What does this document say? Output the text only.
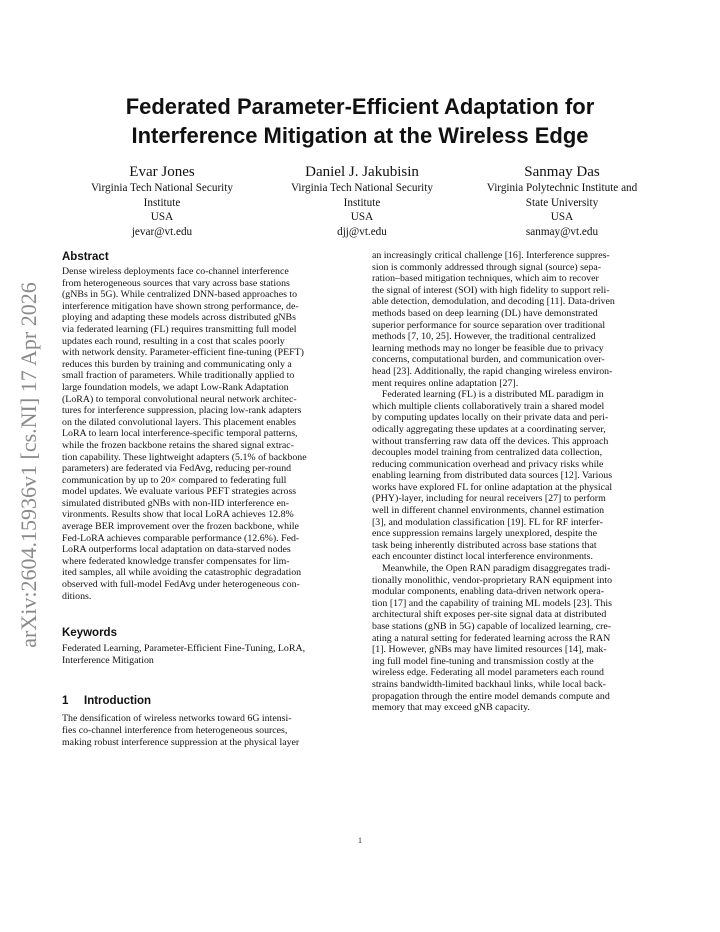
arXiv:2604.15936v1 [cs.NI] 17 Apr 2026
Federated Parameter-Efficient Adaptation for
Interference Mitigation at the Wireless Edge
Evar Jones
Virginia Tech National Security
Institute
USA
jevar@vt.edu
Daniel J. Jakubisin
Virginia Tech National Security
Institute
USA
djj@vt.edu
Sanmay Das
Virginia Polytechnic Institute and
State University
USA
sanmay@vt.edu
Abstract
Dense wireless deployments face co-channel interference
from heterogeneous sources that vary across base stations
(gNBs in 5G). While centralized DNN-based approaches to
interference mitigation have shown strong performance, de-
ploying and adapting these models across distributed gNBs
via federated learning (FL) requires transmitting full model
updates each round, resulting in a cost that scales poorly
with network density. Parameter-efficient fine-tuning (PEFT)
reduces this burden by training and communicating only a
small fraction of parameters. While traditionally applied to
large foundation models, we adapt Low-Rank Adaptation
(LoRA) to temporal convolutional neural network architec-
tures for interference suppression, placing low-rank adapters
on the dilated convolutional layers. This placement enables
LoRA to learn local interference-specific temporal patterns,
while the frozen backbone retains the shared signal extrac-
tion capability. These lightweight adapters (5.1% of backbone
parameters) are federated via FedAvg, reducing per-round
communication by up to 20× compared to federating full
model updates. We evaluate various PEFT strategies across
simulated distributed gNBs with non-IID interference en-
vironments. Results show that local LoRA achieves 12.8%
average BER improvement over the frozen backbone, while
Fed-LoRA achieves comparable performance (12.6%). Fed-
LoRA outperforms local adaptation on data-starved nodes
where federated knowledge transfer compensates for lim-
ited samples, all while avoiding the catastrophic degradation
observed with full-model FedAvg under heterogeneous con-
ditions.
Keywords
Federated Learning, Parameter-Efficient Fine-Tuning, LoRA,
Interference Mitigation
1 Introduction
The densification of wireless networks toward 6G intensi-
fies co-channel interference from heterogeneous sources,
making robust interference suppression at the physical layer
an increasingly critical challenge [16]. Interference suppres-
sion is commonly addressed through signal (source) sepa-
ration–based mitigation techniques, which aim to recover
the signal of interest (SOI) with high fidelity to support reli-
able detection, demodulation, and decoding [11]. Data-driven
methods based on deep learning (DL) have demonstrated
superior performance for source separation over traditional
methods [7, 10, 25]. However, the traditional centralized
learning methods may no longer be feasible due to privacy
concerns, computational burden, and communication over-
head [23]. Additionally, the rapid changing wireless environ-
ment requires online adaptation [27].
Federated learning (FL) is a distributed ML paradigm in
which multiple clients collaboratively train a shared model
by computing updates locally on their private data and peri-
odically aggregating these updates at a coordinating server,
without transferring raw data off the devices. This approach
decouples model training from centralized data collection,
reducing communication overhead and privacy risks while
enabling learning from distributed data sources [12]. Various
works have explored FL for online adaptation at the physical
(PHY)-layer, including for neural receivers [27] to perform
well in different channel environments, channel estimation
[3], and modulation classification [19]. FL for RF interfer-
ence suppression remains largely unexplored, despite the
task being inherently distributed across base stations that
each encounter distinct local interference environments.
Meanwhile, the Open RAN paradigm disaggregates tradi-
tionally monolithic, vendor-proprietary RAN equipment into
modular components, enabling data-driven network opera-
tion [17] and the capability of training ML models [23]. This
architectural shift exposes per-site signal data at distributed
base stations (gNB in 5G) capable of localized learning, cre-
ating a natural setting for federated learning across the RAN
[1]. However, gNBs may have limited resources [14], mak-
ing full model fine-tuning and transmission costly at the
wireless edge. Federating all model parameters each round
strains bandwidth-limited backhaul links, while local back-
propagation through the entire model demands compute and
memory that may exceed gNB capacity.
1
